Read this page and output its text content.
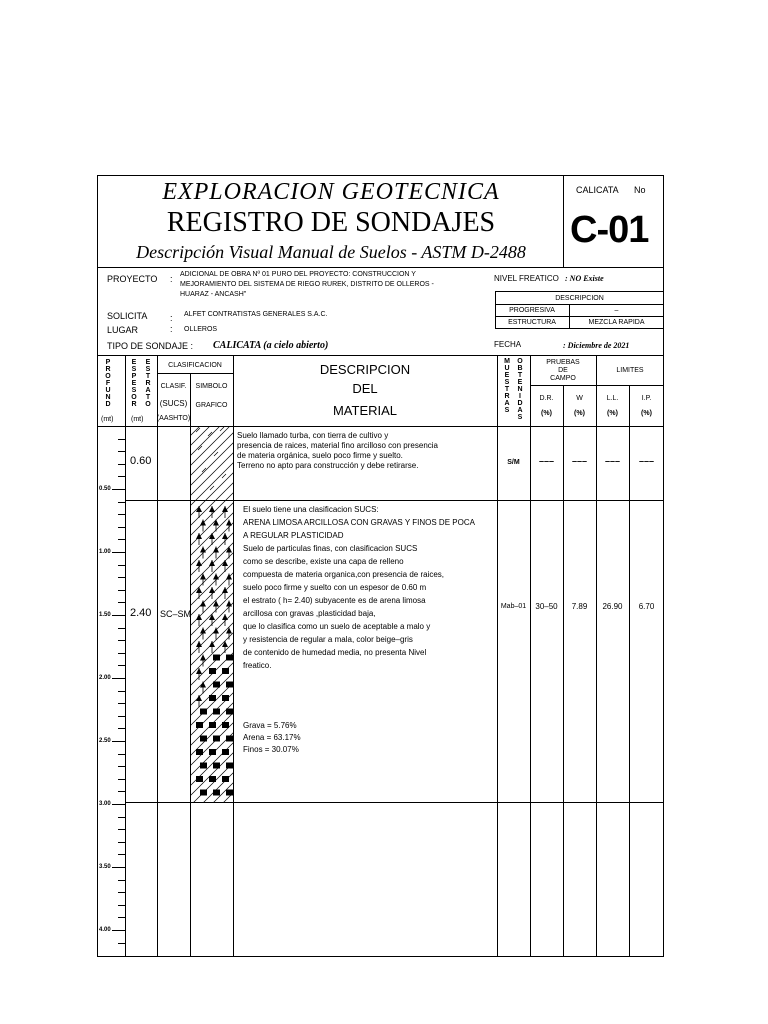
EXPLORACION GEOTECNICA
REGISTRO DE SONDAJES
Descripción Visual Manual de Suelos - ASTM D-2488
CALICATA No
C-01
PROYECTO : ADICIONAL DE OBRA Nº 01 PURO DEL PROYECTO: CONSTRUCCION Y
MEJORAMIENTO DEL SISTEMA DE RIEGO RUREK, DISTRITO DE OLLEROS -
HUARAZ - ANCASH"
SOLICITA	: ALFET CONTRATISTAS GENERALES S.A.C.
LUGAR	: OLLEROS
TIPO DE SONDAJE : CALICATA (a cielo abierto)
NIVEL FREATICO : NO Existe
DESCRIPCION
PROGRESIVA	–
ESTRUCTURA	MEZCLA RAPIDA
FECHA	: Diciembre de 2021
P
R
O
F
U
N
D
(mt)
E
S
P
E
S
O
R
E
S
T
R
A
T
O
(mt)
CLASIFICACION
CLASIF.
(SUCS)
(AASHTO)
SIMBOLO
GRAFICO
DESCRIPCION
DEL
MATERIAL
M
U
E
S
T
R
A
S
O
B
T
E
N
I
D
A
S
PRUEBAS
DE
CAMPO
LIMITES
D.R.	W	L.L.	I.P.
(%)	(%)	(%)	(%)
0.50
1.00
1.50
2.00
2.50
3.00
3.50
4.00
0.60

Suelo llamado turba, con tierra de cultivo y

presencia de raices, material fino arcilloso con presencia

de materia orgánica, suelo poco firme y suelto.

Terreno no apto para construcción y debe retirarse.	S/M	–––	–––	–––	–––
2.40 SC–SM

El suelo tiene una clasificacion SUCS:

ARENA LIMOSA ARCILLOSA CON GRAVAS Y FINOS DE POCA

A REGULAR PLASTICIDAD

Suelo de particulas finas, con clasificacion SUCS

como se describe, existe una capa de relleno

compuesta de materia organica,con presencia de raices,

suelo poco firme y suelto con un espesor de 0.60 m

el estrato ( h= 2.40) subyacente es de arena limosa

arcillosa con gravas ,plasticidad baja,

que lo clasifica como un suelo de aceptable a malo y

y resistencia de regular a mala, color beige–gris

de contenido de humedad media, no presenta Nivel

freatico.

Grava = 5.76%
Arena = 63.17%
Finos = 30.07%
Mab–01	30–50	7.89	26.90	6.70
